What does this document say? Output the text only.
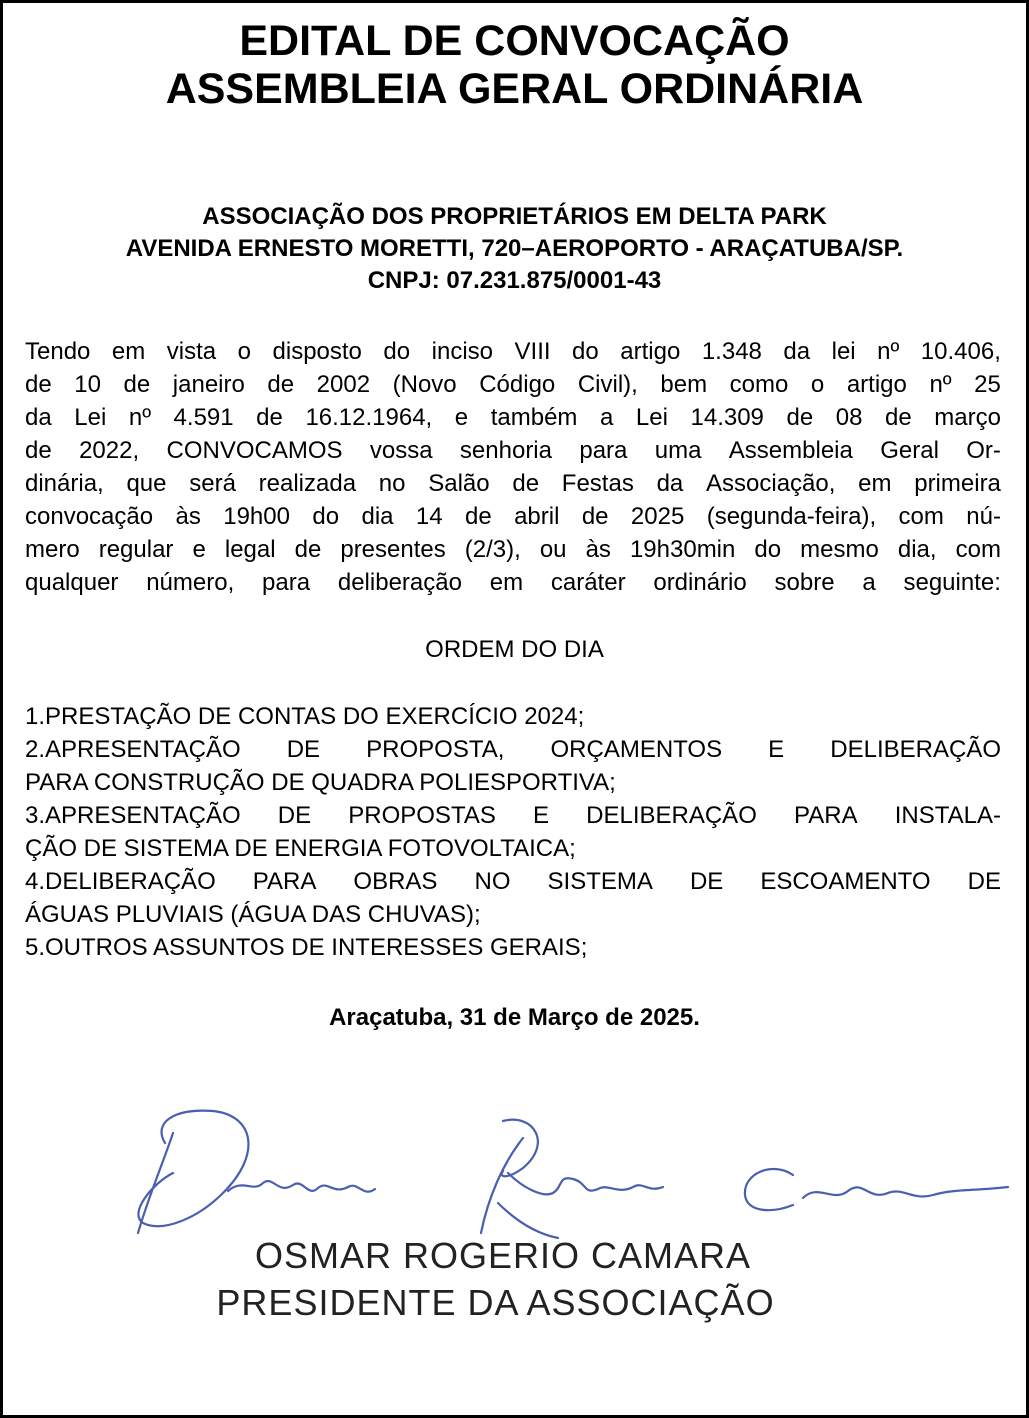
EDITAL DE CONVOCAÇÃO
ASSEMBLEIA GERAL ORDINÁRIA
ASSOCIAÇÃO DOS PROPRIETÁRIOS EM DELTA PARK
AVENIDA ERNESTO MORETTI, 720–AEROPORTO - ARAÇATUBA/SP.
CNPJ: 07.231.875/0001-43
Tendo em vista o disposto do inciso VIII do artigo 1.348 da lei nº 10.406,
de 10 de janeiro de 2002 (Novo Código Civil), bem como o artigo nº 25
da Lei nº 4.591 de 16.12.1964, e também a Lei 14.309 de 08 de março
de 2022, CONVOCAMOS vossa senhoria para uma Assembleia Geral Or-
dinária, que será realizada no Salão de Festas da Associação, em primeira
convocação às 19h00 do dia 14 de abril de 2025 (segunda-feira), com nú-
mero regular e legal de presentes (2/3), ou às 19h30min do mesmo dia, com
qualquer número, para deliberação em caráter ordinário sobre a seguinte:
ORDEM DO DIA
1.PRESTAÇÃO DE CONTAS DO EXERCÍCIO 2024;
2.APRESENTAÇÃO DE PROPOSTA, ORÇAMENTOS E DELIBERAÇÃO
PARA CONSTRUÇÃO DE QUADRA POLIESPORTIVA;
3.APRESENTAÇÃO DE PROPOSTAS E DELIBERAÇÃO PARA INSTALA-
ÇÃO DE SISTEMA DE ENERGIA FOTOVOLTAICA;
4.DELIBERAÇÃO PARA OBRAS NO SISTEMA DE ESCOAMENTO DE
ÁGUAS PLUVIAIS (ÁGUA DAS CHUVAS);
5.OUTROS ASSUNTOS DE INTERESSES GERAIS;
Araçatuba, 31 de Março de 2025.
OSMAR ROGERIO CAMARA
PRESIDENTE DA ASSOCIAÇÃO
